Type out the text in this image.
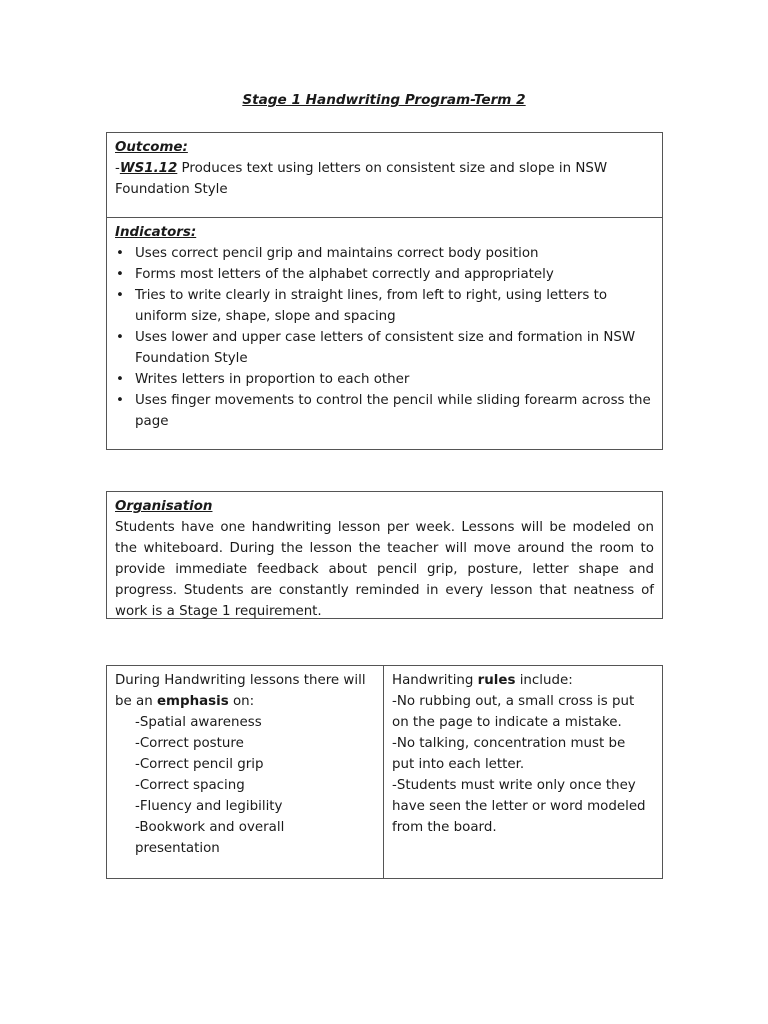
Stage 1 Handwriting Program-Term 2
Outcome:
-WS1.12 Produces text using letters on consistent size and slope in NSW Foundation Style
Indicators:
• Uses correct pencil grip and maintains correct body position
• Forms most letters of the alphabet correctly and appropriately
• Tries to write clearly in straight lines, from left to right, using letters to uniform size, shape, slope and spacing
• Uses lower and upper case letters of consistent size and formation in NSW Foundation Style
• Writes letters in proportion to each other
• Uses finger movements to control the pencil while sliding forearm across the page
Organisation
Students have one handwriting lesson per week. Lessons will be modeled on the whiteboard. During the lesson the teacher will move around the room to provide immediate feedback about pencil grip, posture, letter shape and progress. Students are constantly reminded in every lesson that neatness of work is a Stage 1 requirement.
During Handwriting lessons there will be an emphasis on:
-Spatial awareness
-Correct posture
-Correct pencil grip
-Correct spacing
-Fluency and legibility
-Bookwork and overall presentation
Handwriting rules include:
-No rubbing out, a small cross is put on the page to indicate a mistake.
-No talking, concentration must be put into each letter.
-Students must write only once they have seen the letter or word modeled from the board.
